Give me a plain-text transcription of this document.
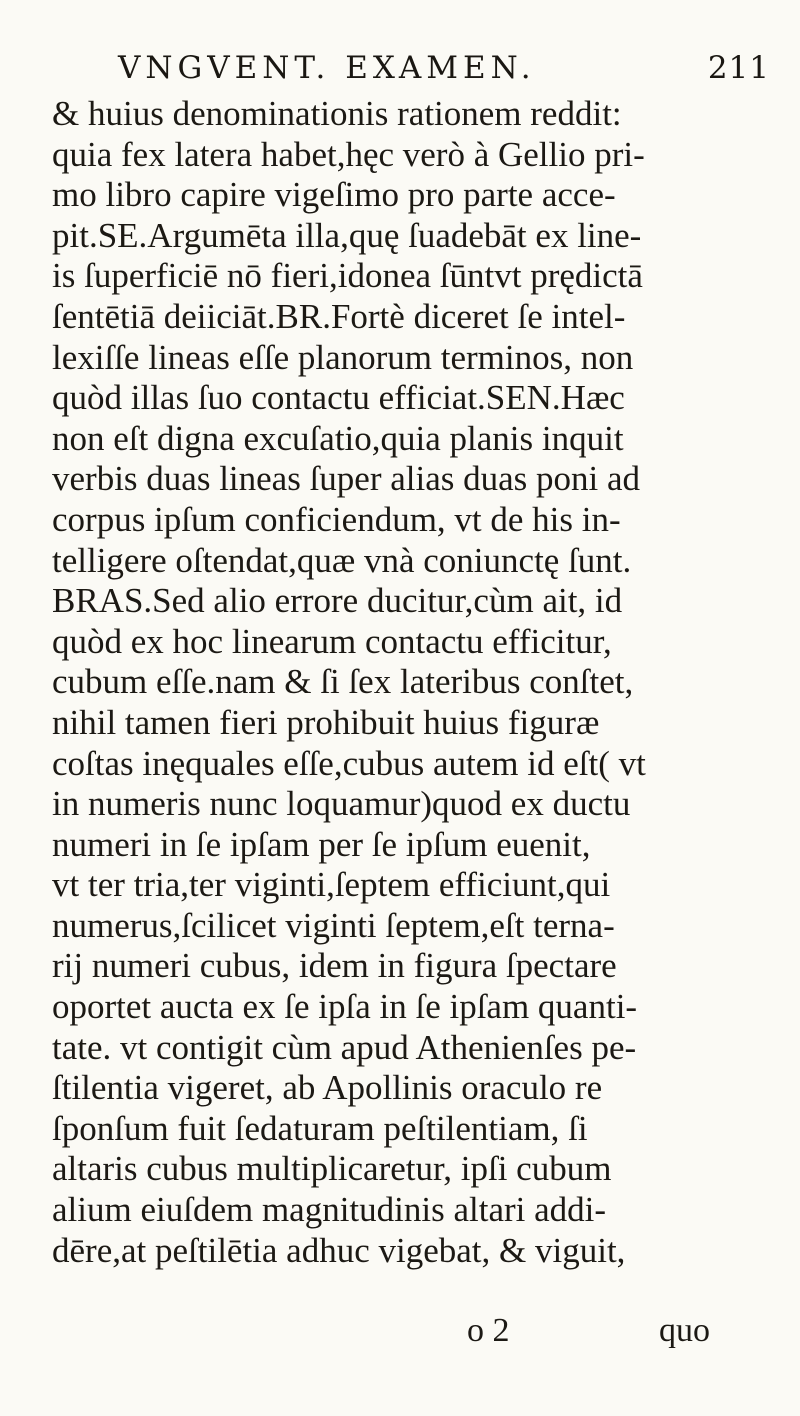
VNGVENT. EXAMEN.	211
& huius denominationis rationem reddit:
quia fex latera habet,hęc verò à Gellio pri-
mo libro capire vigeſimo pro parte acce-
pit.SE.Argumēta illa,quę ſuadebāt ex line-
is ſuperficiē nō fieri,idonea ſūntvt prędictā
ſentētiā deiiciāt.BR.Fortè diceret ſe intel-
lexiſſe lineas eſſe planorum terminos, non
quòd illas ſuo contactu efficiat.SEN.Hæc
non eſt digna excuſatio,quia planis inquit
verbis duas lineas ſuper alias duas poni ad
corpus ipſum conficiendum, vt de his in-
telligere oſtendat,quæ vnà coniunctę ſunt.
BRAS.Sed alio errore ducitur,cùm ait, id
quòd ex hoc linearum contactu efficitur,
cubum eſſe.nam & ſi ſex lateribus conſtet,
nihil tamen fieri prohibuit huius figuræ
coſtas inęquales eſſe,cubus autem id eſt( vt
in numeris nunc loquamur)quod ex ductu
numeri in ſe ipſam per ſe ipſum euenit,
vt ter tria,ter viginti,ſeptem efficiunt,qui
numerus,ſcilicet viginti ſeptem,eſt ternа-
rij numeri cubus, idem in figura ſpectare
oportet aucta ex ſe ipſa in ſe ipſam quanti-
tate. vt contigit cùm apud Athenienſes pe-
ſtilentia vigeret, ab Apollinis oraculo re
ſponſum fuit ſedaturam peſtilentiam, ſi
altaris cubus multiplicaretur, ipſi cubum
alium eiuſdem magnitudinis altari addi-
dēre,at peſtilētia adhuc vigebat, & viguit,
o 2	quo
